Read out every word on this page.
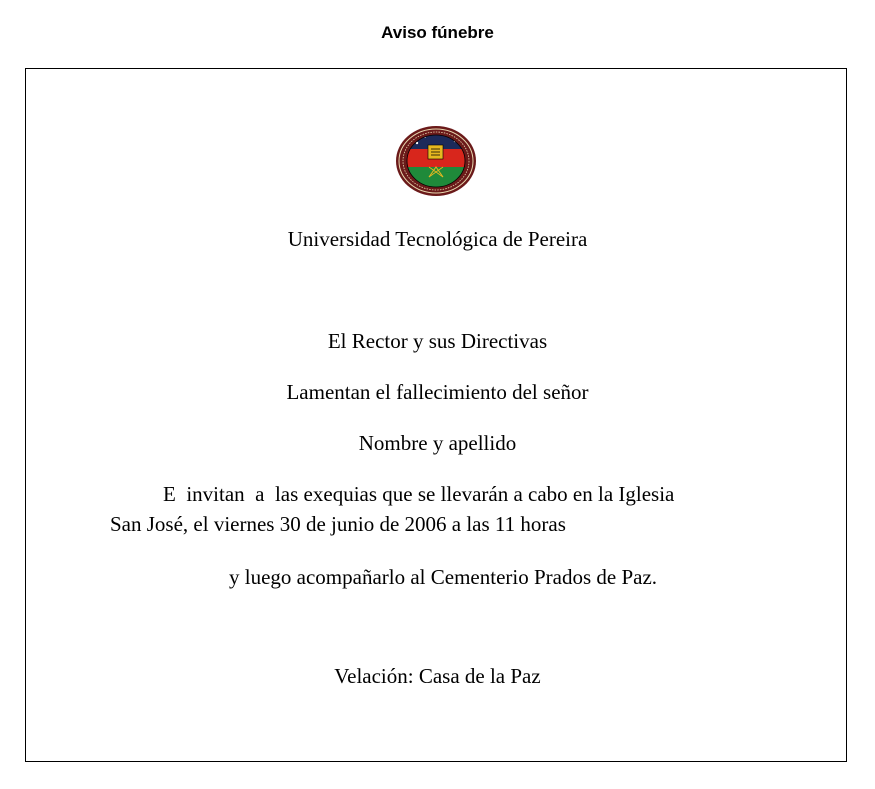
Aviso fúnebre
Universidad Tecnológica de Pereira
El Rector y sus Directivas
Lamentan el fallecimiento del señor
Nombre y apellido
E  invitan  a  las exequias que se llevarán a cabo en la Iglesia
San José, el viernes 30 de junio de 2006 a las 11 horas
y luego acompañarlo al Cementerio Prados de Paz.
Velación: Casa de la Paz
